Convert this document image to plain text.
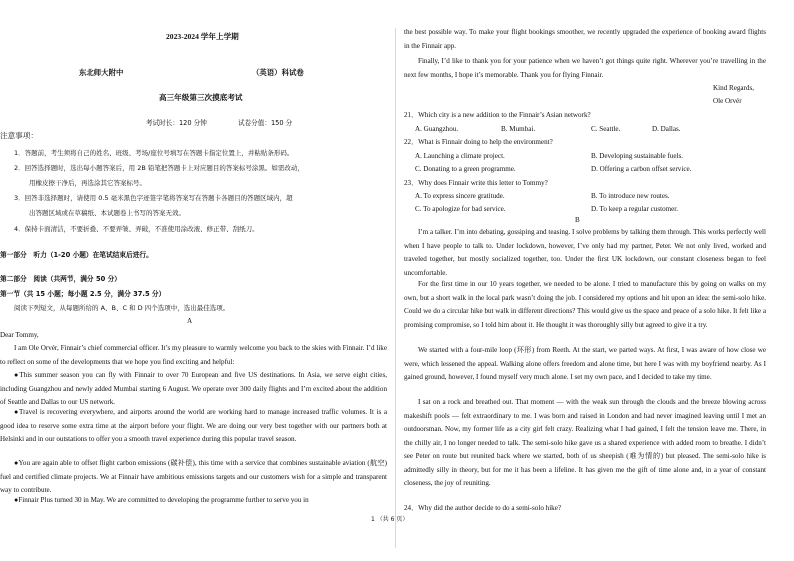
2023-2024 学年上学期
东北师大附中	（英语）科试卷
高三年级第三次摸底考试
考试时长：120 分钟	试卷分值：150 分
注意事项：
1．答题前，考生须将自己的姓名、班级、考场/座位号填写在答题卡指定位置上，并粘贴条形码。
2．回答选择题时，选出每小题答案后，用 2B 铅笔把答题卡上对应题目的答案标号涂黑。如需改动，
用橡皮擦干净后，再选涂其它答案标号。
3．回答非选择题时，请使用 0.5 毫米黑色字迹签字笔将答案写在答题卡各题目的答题区域内，超
出答题区域或在草稿纸、本试题卷上书写的答案无效。
4．保持卡面清洁，不要折叠、不要弄皱、弄破，不准使用涂改液、修正带、刮纸刀。
第一部分　听力（1-20 小题）在笔试结束后进行。
第二部分　阅读（共两节，满分 50 分）
第一节（共 15 小题；每小题 2.5 分，满分 37.5 分）
阅读下列短文，从每题所给的 A、B、C 和 D 四个选项中，选出最佳选项。
A
Dear Tommy,
I am Ole Orvér, Finnair’s chief commercial officer. It’s my pleasure to warmly welcome you back to the skies with Finnair. I’d like to reflect on some of the developments that we hope you find exciting and helpful:
●This summer season you can fly with Finnair to over 70 European and five US destinations. In Asia, we serve eight cities, including Guangzhou and newly added Mumbai starting 6 August. We operate over 300 daily flights and I’m excited about the addition of Seattle and Dallas to our US network.
●Travel is recovering everywhere, and airports around the world are working hard to manage increased traffic volumes. It is a good idea to reserve some extra time at the airport before your flight. We are doing our very best together with our partners both at Helsinki and in our outstations to offer you a smooth travel experience during this popular travel season.
●You are again able to offset flight carbon emissions (碳补偿), this time with a service that combines sustainable aviation (航空) fuel and certified climate projects. We at Finnair have ambitious emissions targets and our customers wish for a simple and transparent way to contribute.
●Finnair Plus turned 30 in May. We are committed to developing the programme further to serve you in
the best possible way. To make your flight bookings smoother, we recently upgraded the experience of booking award flights in the Finnair app.
Finally, I’d like to thank you for your patience when we haven’t got things quite right. Wherever you’re travelling in the next few months, I hope it’s memorable. Thank you for flying Finnair.
Kind Regards,
Ole Orvér
21．Which city is a new addition to the Finnair’s Asian network?
A. Guangzhou.	B. Mumbai.	C. Seattle.	D. Dallas.
22．What is Finnair doing to help the environment?
A. Launching a climate project.	B. Developing sustainable fuels.
C. Donating to a green programme.	D. Offering a carbon offset service.
23．Why does Finnair write this letter to Tommy?
A. To express sincere gratitude.	B. To introduce new routes.
C. To apologize for bad service.	D. To keep a regular customer.
B
I’m a talker. I’m into debating, gossiping and teasing. I solve problems by talking them through. This works perfectly well when I have people to talk to. Under lockdown, however, I’ve only had my partner, Peter. We not only lived, worked and traveled together, but mostly socialized together, too. Under the first UK lockdown, our constant closeness began to feel uncomfortable.
For the first time in our 10 years together, we needed to be alone. I tried to manufacture this by going on walks on my own, but a short walk in the local park wasn’t doing the job. I considered my options and hit upon an idea: the semi-solo hike. Could we do a circular hike but walk in different directions? This would give us the space and peace of a solo hike. It felt like a promising compromise, so I told him about it. He thought it was thoroughly silly but agreed to give it a try.
We started with a four-mile loop (环形) from Reeth. At the start, we parted ways. At first, I was aware of how close we were, which lessened the appeal. Walking alone offers freedom and alone time, but here I was with my boyfriend nearby. As I gained ground, however, I found myself very much alone. I set my own pace, and I decided to take my time.
I sat on a rock and breathed out. That moment — with the weak sun through the clouds and the breeze blowing across makeshift pools — felt extraordinary to me. I was born and raised in London and had never imagined leaving until I met an outdoorsman. Now, my former life as a city girl felt crazy. Realizing what I had gained, I felt the tension leave me. There, in the chilly air, I no longer needed to talk. The semi-solo hike gave us a shared experience with added room to breathe. I didn’t see Peter on route but reunited back where we started, both of us sheepish (难为情的) but pleased. The semi-solo hike is admittedly silly in theory, but for me it has been a lifeline. It has given me the gift of time alone and, in a year of constant closeness, the joy of reuniting.
24．Why did the author decide to do a semi-solo hike?
1 （共 6 页）
